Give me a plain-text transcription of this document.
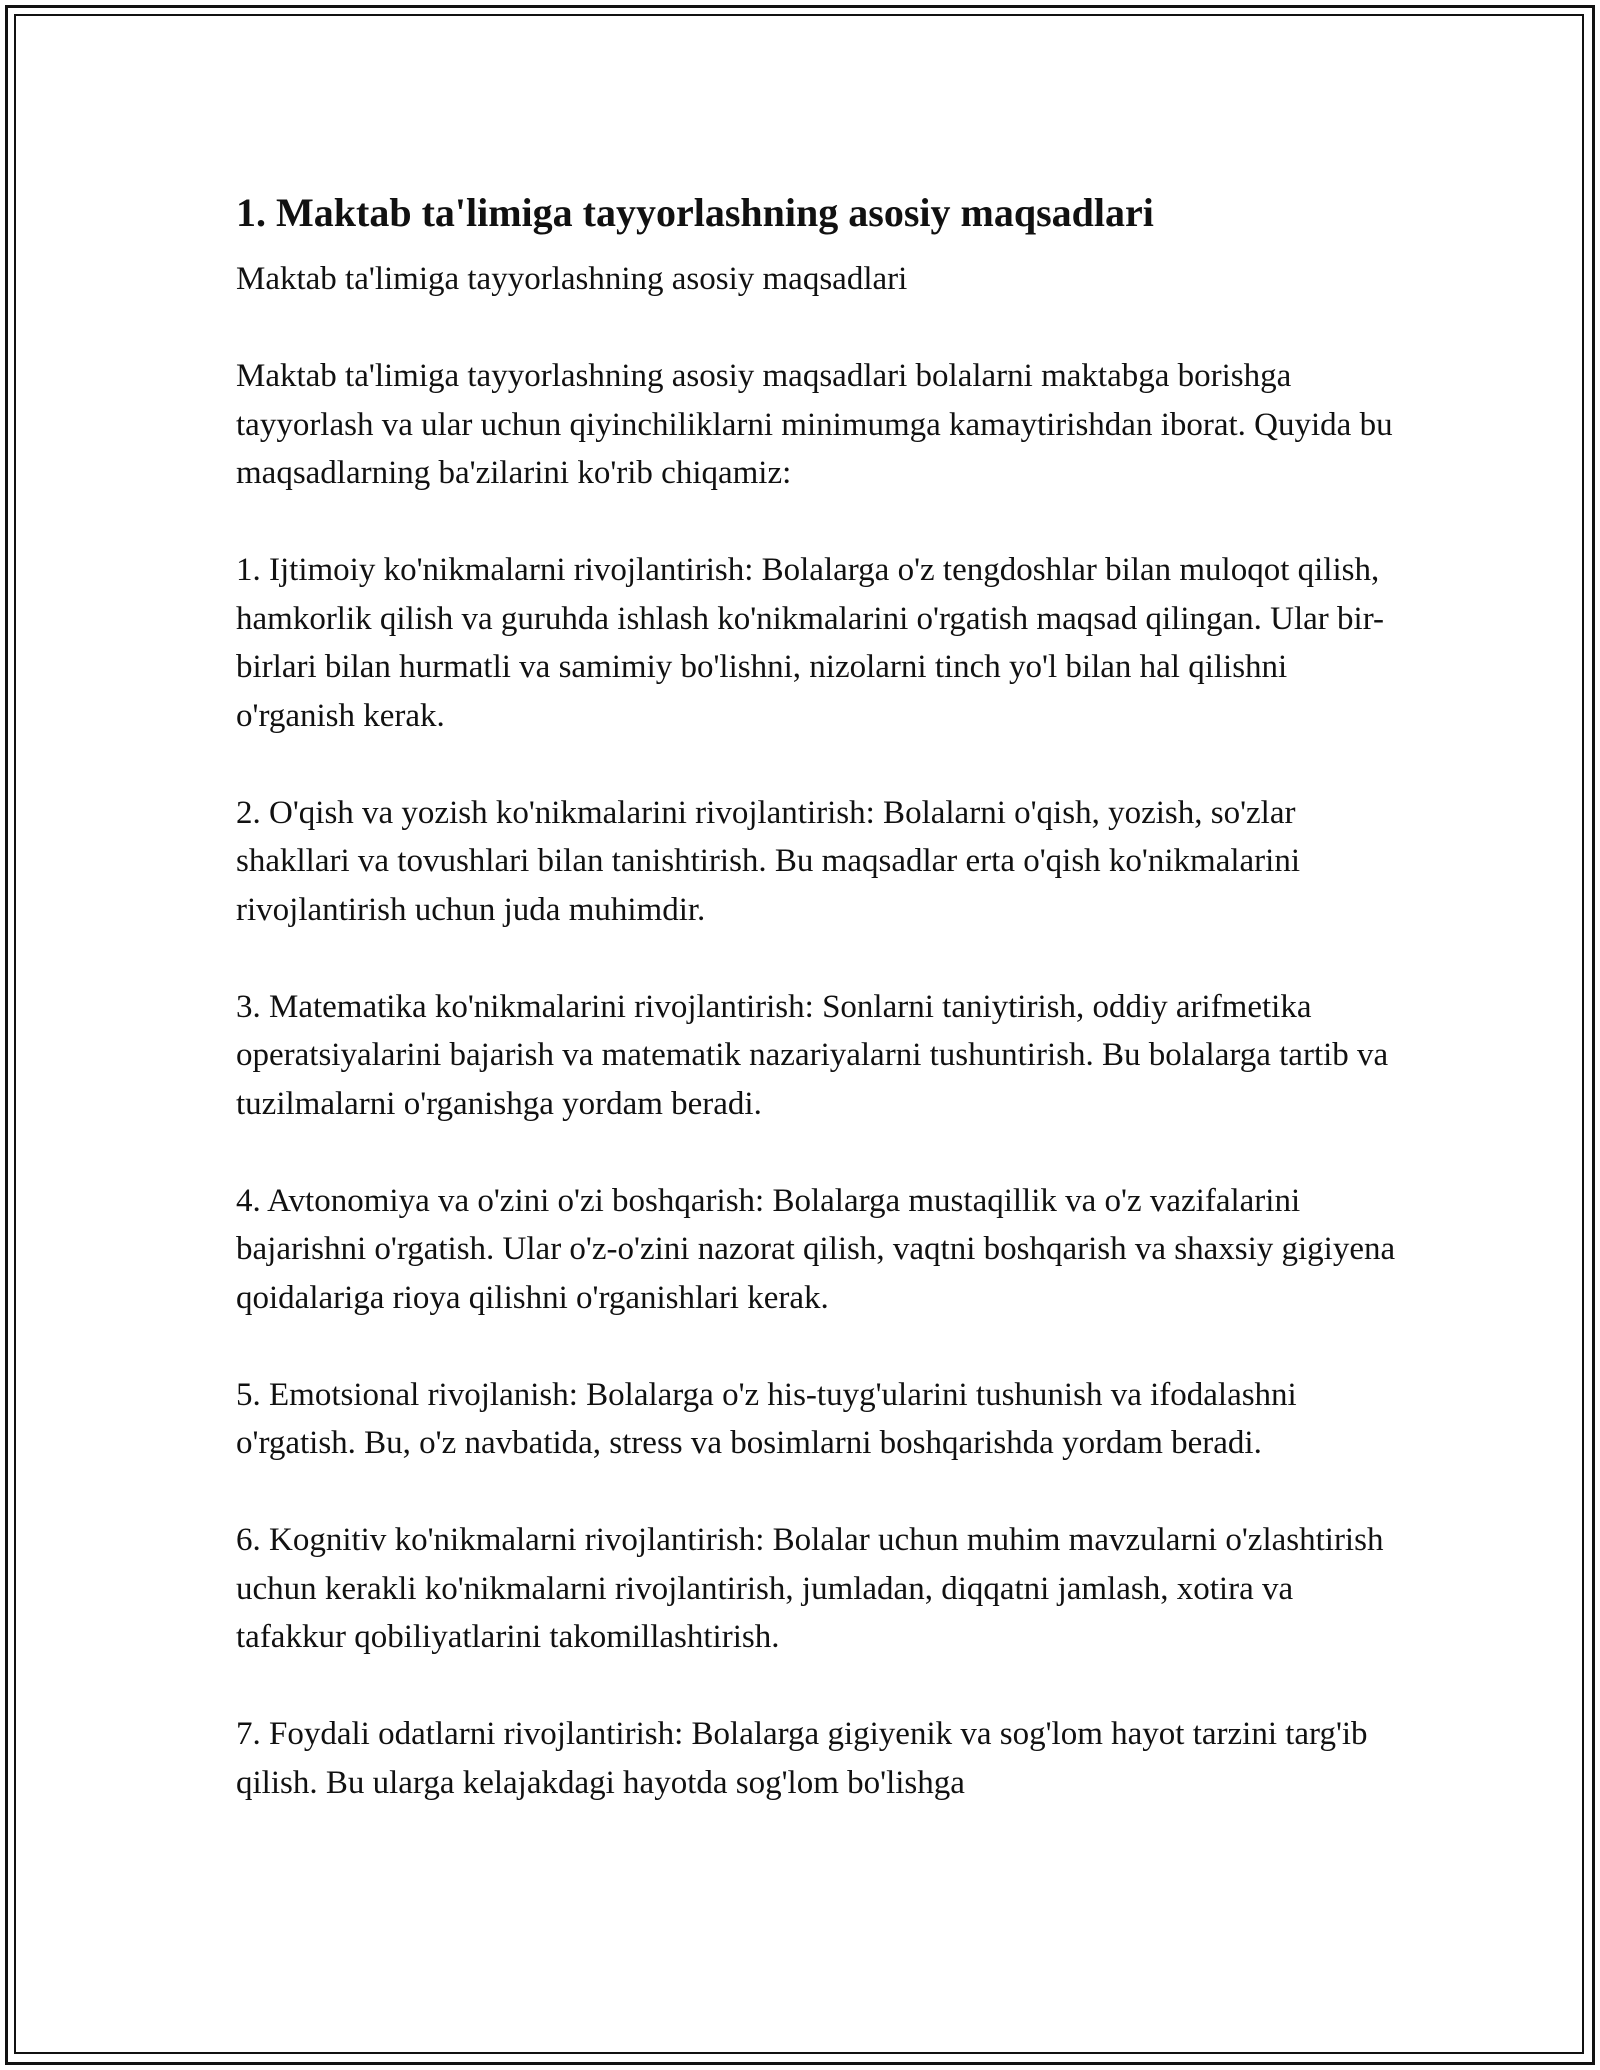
1. Maktab ta'limiga tayyorlashning asosiy maqsadlari

Maktab ta'limiga tayyorlashning asosiy maqsadlari

Maktab ta'limiga tayyorlashning asosiy maqsadlari bolalarni maktabga borishga tayyorlash va ular uchun qiyinchiliklarni minimumga kamaytirishdan iborat. Quyida bu maqsadlarning ba'zilarini ko'rib chiqamiz:

1. Ijtimoiy ko'nikmalarni rivojlantirish: Bolalarga o'z tengdoshlar bilan muloqot qilish, hamkorlik qilish va guruhda ishlash ko'nikmalarini o'rgatish maqsad qilingan. Ular bir-birlari bilan hurmatli va samimiy bo'lishni, nizolarni tinch yo'l bilan hal qilishni o'rganish kerak.

2. O'qish va yozish ko'nikmalarini rivojlantirish: Bolalarni o'qish, yozish, so'zlar shakllari va tovushlari bilan tanishtirish. Bu maqsadlar erta o'qish ko'nikmalarini rivojlantirish uchun juda muhimdir.

3. Matematika ko'nikmalarini rivojlantirish: Sonlarni taniytirish, oddiy arifmetika operatsiyalarini bajarish va matematik nazariyalarni tushuntirish. Bu bolalarga tartib va tuzilmalarni o'rganishga yordam beradi.

4. Avtonomiya va o'zini o'zi boshqarish: Bolalarga mustaqillik va o'z vazifalarini bajarishni o'rgatish. Ular o'z-o'zini nazorat qilish, vaqtni boshqarish va shaxsiy gigiyena qoidalariga rioya qilishni o'rganishlari kerak.

5. Emotsional rivojlanish: Bolalarga o'z his-tuyg'ularini tushunish va ifodalashni o'rgatish. Bu, o'z navbatida, stress va bosimlarni boshqarishda yordam beradi.

6. Kognitiv ko'nikmalarni rivojlantirish: Bolalar uchun muhim mavzularni o'zlashtirish uchun kerakli ko'nikmalarni rivojlantirish, jumladan, diqqatni jamlash, xotira va tafakkur qobiliyatlarini takomillashtirish.

7. Foydali odatlarni rivojlantirish: Bolalarga gigiyenik va sog'lom hayot tarzini targ'ib qilish. Bu ularga kelajakdagi hayotda sog'lom bo'lishga
